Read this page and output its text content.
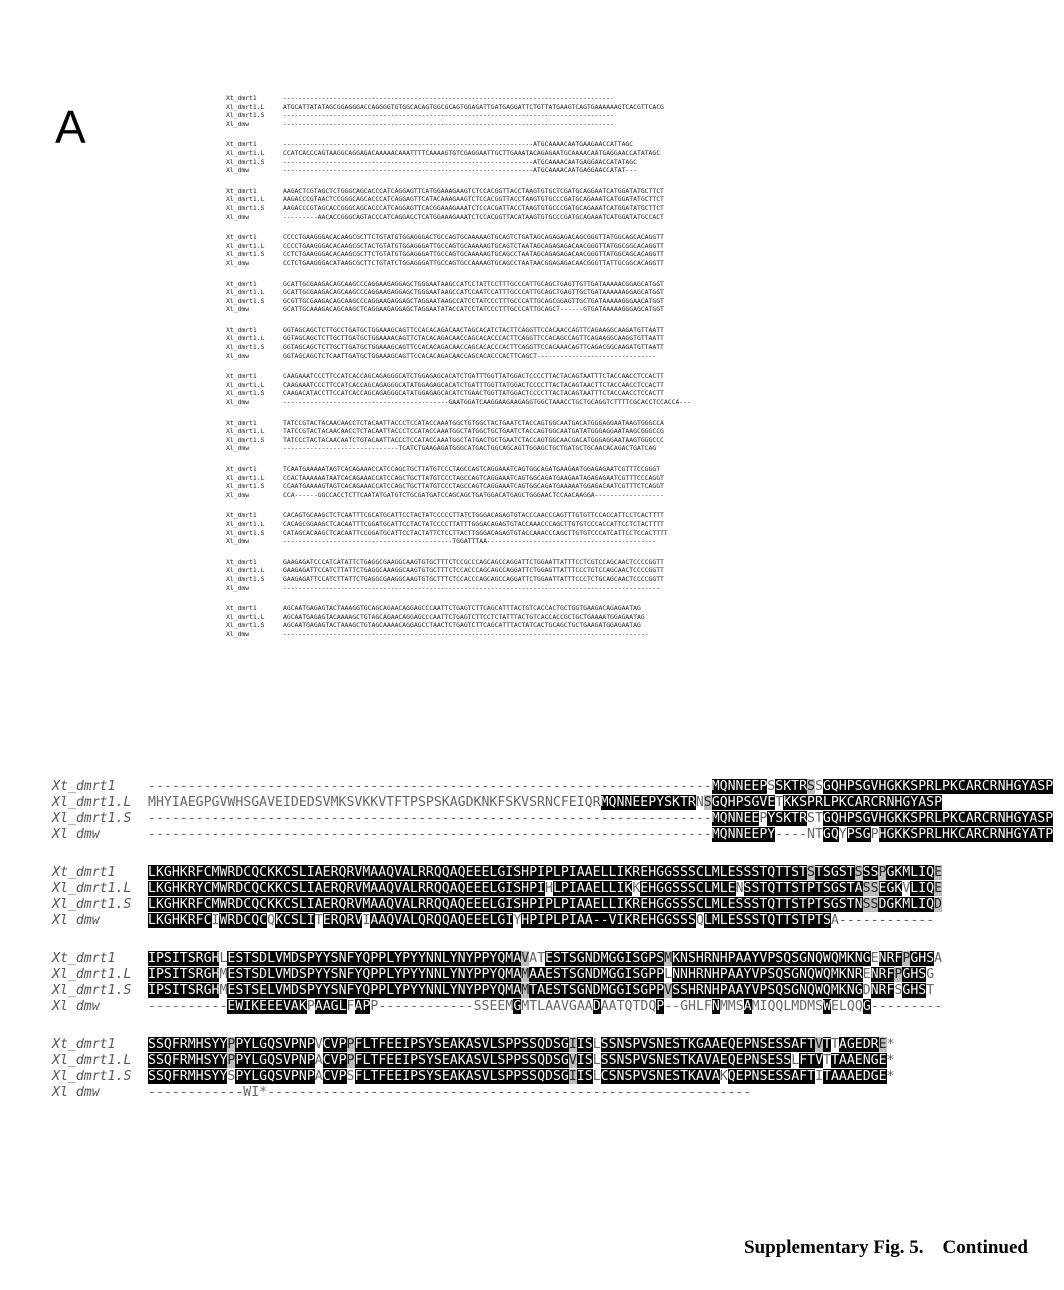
A
Xt_dmrt1	--------------------------------------------------------------------------------------
Xl_dmrt1.L	ATGCATTATATAGCGGAGGGACCAGGGGTGTGGCACAGTGGCGCAGTGGAGATTGATGAGGATTCTGTTATGAAGTCAGTGAAAAAAGTCACGTTCACG
Xl_dmrt1.S	--------------------------------------------------------------------------------------
Xl_dmw	--------------------------------------------------------------------------------------
Xt_dmrt1	-----------------------------------------------------------------ATGCAAAACAATGAAGAACCATTAGC
Xl_dmrt1.L	CCATCACCCAGTAAGGCAGGAGACAAAAACAAATTTTCAAAAGTGTCGAGGAATTGCTTGAAATACAGAGAATGCAAAACAATGAGGAACCATATAGC
Xl_dmrt1.S	-----------------------------------------------------------------ATGCAAAACAATGAGGAACCATATAGC
Xl_dmw	-----------------------------------------------------------------ATGCAAAACAATGAGGAACCATAT---
Xt_dmrt1	AAGACTCGTAGCTCTGGGCAGCACCCATCAGGAGTTCATGGAAAGAAGTCTCCACGGTTACCTAAGTGTGCTCGATGCAGGAATCATGGATATGCTTCT
Xl_dmrt1.L	AAGACCCGTAACTCCGGGCAGCACCCATCAGGAGTTCATACAAAGAAGTCTCCACGGTTACCTAAGTGTGCCCGATGCAGAAATCATGGATATGCTTCT
Xl_dmrt1.S	AAGACCCGTAGCACCGGGCAGCACCCATCAGGAGTTCACGGAAAGAAATCTCCACGATTACCTAAGTGTGCCCGATGCAGAAATCATGGATATGCTTCT
Xl_dmw	---------AACACCGGGCAGTACCCATCAGGACCTCATGGAAAGAAATCTCCACGGTTACATAAGTGTGCCCGATGCAGAAATCATGGATATGCCACT
Xt_dmrt1	CCCCTGAAGGGACACAAGCGCTTCTGTATGTGGAGGGACTGCCAGTGCAAAAAGTGCAGTCTGATAGCAGAGAGACAGCGGGTTATGGCAGCACAGGTT
Xl_dmrt1.L	CCCCTGAAGGGACACAAGCGCTACTGTATGTGGAGGGATTGCCAGTGCAAAAAGTGCAGTCTAATAGCAGAGAGACAACGGGTTATGGCGGCACAGGTT
Xl_dmrt1.S	CCTCTGAAGGGACACAAGCGCTTCTGTATGTGGAGGGATTGCCAGTGCAAAAAGTGCAGCCTAATAGCAGAGAGACAACGGGTTATGGCAGCACAGGTT
Xl_dmw	CCTCTGAAGGGACATAAGCGCTTCTGTATCTGGAGGGATTGCCAGTGCCAAAAGTGCAGCCTAATAACGGAGAGACAACGGGTTATTGCGGCACAGGTT
Xt_dmrt1	GCATTGCGAAGACAGCAAGCCCAGGAAGAGGAGCTGGGAATAAGCCATCCTATTCCTTTGCCCATTGCAGCTGAGTTGTTGATAAAAACGGAGCATGGT
Xl_dmrt1.L	GCATTGCGAAGACAGCAAGCCCAGGAAGAGGAGCTGGGAATAAGCCATCCAATCCATTTGCCCATTGCAGCTGAGTTGCTGATAAAAAAGGAGCATGGT
Xl_dmrt1.S	GCGTTGCGAAGACAGCAAGCCCAGGAAGAGGAGCTAGGAATAAGCCATCCTATCCCTTTGCCCATTGCAGCGGAGTTGCTGATAAAAAGGGAACATGGT
Xl_dmw	GCATTGCAAAGACAGCAAGCTCAGGAAGAGGAGCTAGGAATATACCATCCTATCCCTTTGCCCATTGCAGCT------GTGATAAAAAGGGAGCATGGT
Xt_dmrt1	GGTAGCAGCTCTTGCCTGATGCTGGAAAGCAGTTCCACACAGACAACTAGCACATCTACTTCAGGTTCCACAACCAGTTCAGAAGGCAAGATGTTAATT
Xl_dmrt1.L	GGTAGCAGCTCTTGCTTGATGCTGGAAAACAGTTCTACACAGACAACCAGCACACCCACTTCAGGTTCCACAGCCAGTTCAGAAGGCAAGGTGTTAATT
Xl_dmrt1.S	GGTAGCAGCTCTTGCTTGATGCTGGAAAGCAGTTCCACACAGACAACCAGCACACCCACTTCAGGTTCCACAAACAGTTCAGACGGCAAGATGTTAATT
Xl_dmw	GGTAGCAGCTCTCAATTGATGCTGGAAAGCAGTTCCACACAGACAACCAGCACACCCACTTCAGCT-------------------------------
Xt_dmrt1	CAAGAAATCCCTTCCATCACCAGCAGAGGGCATCTGGAGAGCACATCTGATTTGGTTATGGACTCCCCTTACTACAGTAATTTCTACCAACCTCCACTT
Xl_dmrt1.L	CAAGAAATCCCTTCCATCACCAGCAGAGGGCATATGGAGAGCACATCTGATTTGGTTATGGACTCCCCTTACTACAGTAACTTCTACCAACCTCCACTT
Xl_dmrt1.S	CAAGACATACCTTCCATCACCAGCAGAGGGCATATGGAGAGCACATCTGAACTGGTTATGGACTCCCCTTACTACAGTAATTTCTACCAACCTCCACTT
Xl_dmw	-------------------------------------------GAATGGATCAAGGAAGAAGAGGTGGCTAAACCTGCTGCAGGTCTTTTCGCACCTCCACCA---
Xt_dmrt1	TATCCGTACTACAACAACCTCTACAATTACCCTCCATACCAAATGGCTGTGGCTACTGAATCTACCAGTGGCAATGACATGGGAGGAATAAGTGGGCCA
Xl_dmrt1.L	TATCCGTACTACAACAACCTCTACAATTACCCTCCATACCAAATGGCTATGGCTGCTGAATCTACCAGTGGCAATGATATGGGAGGAATAAGCGGGCCG
Xl_dmrt1.S	TATCCCTACTACAACAATCTGTACAATTACCCTCCATACCAAATGGCTATGACTGCTGAATCTACCAGTGGCAACGACATGGGAGGAATAAGTGGGCCC
Xl_dmw	------------------------------TCATCTGAAGAGATGGGCATGACTGGCAGCAGTTGGAGCTGCTGATGCTGCAACACAGACTGATCAG
Xt_dmrt1	TCAATGAAAAATAGTCACAGAAACCATCCAGCTGCTTATGTCCCTAGCCAGTCAGGAAATCAGTGGCAGATGAAGAATGGAGAGAATCGTTTCCGGGT
Xl_dmrt1.L	CCACTAAAAAATAATCACAGAAACCATCCAGCTGCTTATGTCCCTAGCCAGTCAGGAAATCAGTGGCAGATGAAGAATAGAGAGAATCGTTTCCCAGGT
Xl_dmrt1.S	CCAATGAAAAGTAGTCACAGAAACCATCCAGCTGCTTATGTCCCTAGCCAGTCAGGAAATCAGTGGCAGATGAAAAATGGAGACAATCGTTTCTCAGGT
Xl_dmw	CCA------GGCCACCTCTTCAATATGATGTCTGCGATGATCCAGCAGCTGATGGACATGAGCTGGGAACTCCAACAAGGA------------------
Xt_dmrt1	CACAGTGCAAGCTCTCAATTTCGCATGCATTCCTACTATCCCCCTTATCTGGGACAGAGTGTACCCAACCCAGTTTGTGTTCCACCATTCCTCACTTTT
Xl_dmrt1.L	CACAGCGGAAGCTCACAATTTCGGATGCATTCCTACTATCCCCTTATTTGGGACAGAGTGTACCAAACCCAGCTTGTGTCCCACCATTCCTCTACTTTT
Xl_dmrt1.S	CATAGCACAAGCTCACAATTCCGGATGCATTCCTACTATTCTCCTTACTTGGGACAGAGTGTACCAAACCCAGCTTGTGTCCCATCATTCCTCCACTTTT
Xl_dmw	--------------------------------------------TGGATTTAA--------------------------------------------
Xt_dmrt1	GAAGAGATCCCATCATATTCTGAGGCGAAGGCAAGTGTGCTTTCTCCGCCCAGCAGCCAGGATTCTGGAATTATTTCCTCGTCCAGCAACTCCCCGGTT
Xl_dmrt1.L	GAAGAGATTCCATCTTATTCTGAGGCAAAGGCAAGTGTGCTTTCTCCACCCAGCAGCCAGGATTCTGGAGTTATTTCCCTGTCCAGCAACTCCCCGGTT
Xl_dmrt1.S	GAAGAGATTCCATCTTATTCTGAGGCGAAGGCAAGTGTGCTTTCTCCACCCAGCAGCCAGGATTCTGGAATTATTTCCCTCTGCAGCAACTCCCCGGTT
Xl_dmw	--------------------------------------------------------------------------------------------------
Xt_dmrt1	AGCAATGAGAGTACTAAAGGTGCAGCAGAACAGGAGCCCAATTCTGAGTCTTCAGCATTTACTGTCACCACTGCTGGTGAAGACAGAGAATAG
Xl_dmrt1.L	AGCAATGAGAGTACAAAAGCTGTAGCAGAACAGGAGCCCAATTCTGAGTCTTCCTCTATTTACTGTCACCACCGCTGCTGAAAATGGAGAATAG
Xl_dmrt1.S	AGCAATGAGAGTACTAAAGCTGTAGCAAAACAGGAGCCTAACTCTGAGTCTTCAGCATTTACTATCACTGCAGCTGCTGAAGATGGAGAATAG
Xl_dmw	-----------------------------------------------------------------------------------------------
Xt_dmrt1	-----------------------------------------------------------------------MQNNEEPSSKTRSSGQHPSGVHGKKSPRLPKCARCRNHGYASP
Xl_dmrt1.L	MHYIAEGPGVWHSGAVEIDEDSVMKSVKKVTFTPSPSKAGDKNKFSKVSRNCFEIQRMQNNEEPYSKTRNSGQHPSGVETKKSPRLPKCARCRNHGYASP
Xl_dmrt1.S	-----------------------------------------------------------------------MQNNEEPYSKTRSTGQHPSGVHGKKSPRLPKCARCRNHGYASP
Xl dmw	-----------------------------------------------------------------------MQNNEEPY----NTGQYPSGPHGKKSPRLHKCARCRNHGYATP
Xt_dmrt1	LKGHKRFCMWRDCQCKKCSLIAERQRVMAAQVALRRQQAQEEELGISHPIPLPIAAELLIKREHGGSSSCLMLESSSTQTTSTSTSGSTSSSPGKMLIQE
Xl_dmrt1.L	LKGHKRYCMWRDCQCKKCSLIAERQRVMAAQVALRRQQAQEEELGISHPIHLPIAAELLIKKEHGGSSSCLMLENSSTQTTSTPTSGSTASSEGKVLIQE
Xl_dmrt1.S	LKGHKRFCMWRDCQCKKCSLIAERQRVMAAQVALRRQQAQEEELGISHPIPLPIAAELLIKREHGGSSSCLMLESSSTQTTSTPTSGSTNSSDGKMLIQD
Xl dmw	LKGHKRFCIWRDCQCQKCSLITERQRVIAAQVALQRQQAQEEELGIYHPIPLPIAA--VIKREHGGSSSQLMLESSSTQTTSTPTSA------------
Xt_dmrt1	IPSITSRGHLESTSDLVMDSPYYSNFYQPPLYPYYNNLYNYPPYQMAVATESTSGNDMGGISGPSMKNSHRNHPAAYVPSQSGNQWQMKNGENRFPGHSA
Xl_dmrt1.L	IPSITSRGHMESTSDLVMDSPYYSNFYQPPLYPYYNNLYNYPPYQMAMAAESTSGNDMGGISGPPLNNHRNHPAAYVPSQSGNQWQMKNRENRFPGHSG
Xl_dmrt1.S	IPSITSRGHMESTSELVMDSPYYSNFYQPPLYPYYNNLYNYPPYQMAMTAESTSGNDMGGISGPPVSSHRNHPAAYVPSQSGNQWQMKNGDNRFSGHST
Xl dmw	----------EWIKEEEVAKPAAGLFAPP------------SSEEMGMTLAAVGAADAATQTDQP--GHLFNMMSAMIQQLMDMSWELQQG---------
Xt_dmrt1	SSQFRMHSYYPPYLGQSVPNPVCVPPFLTFEEIPSYSEAKASVLSPPSSQDSGIISLSSNSPVSNESTKGAAEQEPNSESSAFTVTTAGEDRE*
Xl_dmrt1.L	SSQFRMHSYYPPYLGQSVPNPACVPPFLTFEEIPSYSEAKASVLSPPSSQDSGVISLSSNSPVSNESTKAVAEQEPNSESSLFTVTTAAENGE*
Xl_dmrt1.S	SSQFRMHSYYSPYLGQSVPNPACVPSFLTFEEIPSYSEAKASVLSPPSSQDSGIISLCSNSPVSNESTKAVAKQEPNSESSAFTITAAAEDGE*
Xl dmw	------------WI*-------------------------------------------------------------
Supplementary Fig. 5.    Continued
